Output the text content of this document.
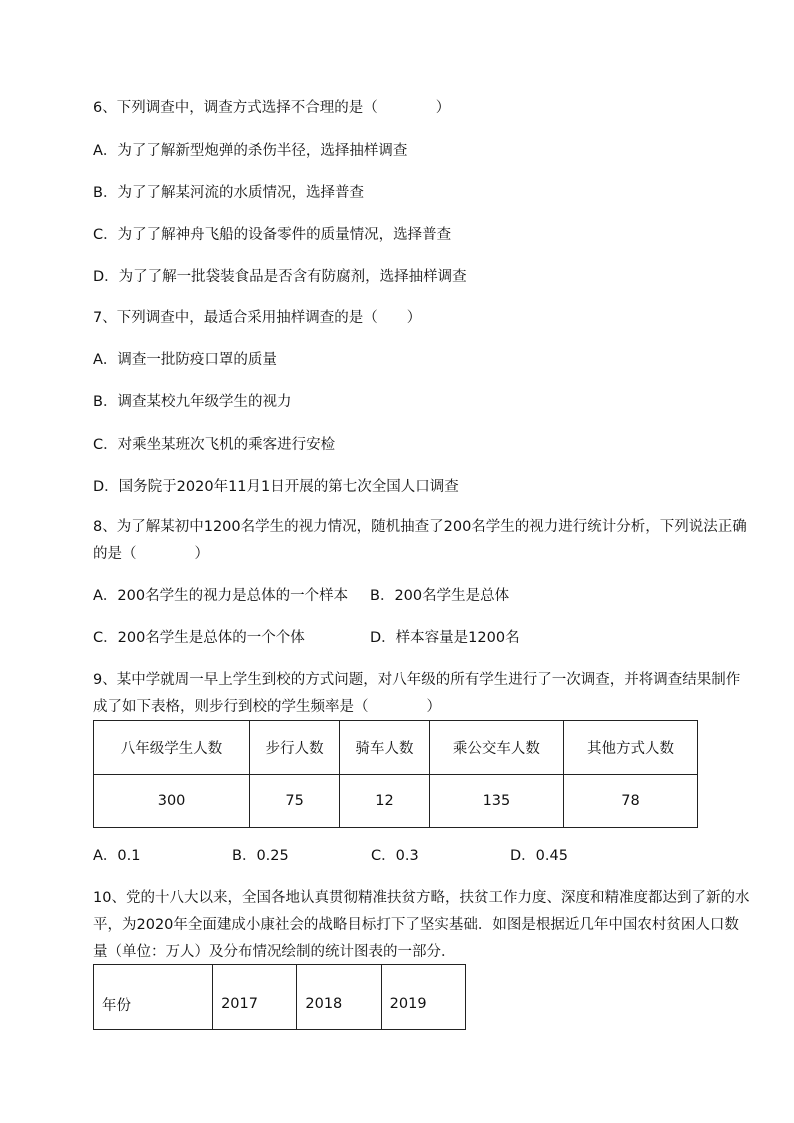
6、下列调查中，调查方式选择不合理的是（　　　　）
A．为了了解新型炮弹的杀伤半径，选择抽样调查
B．为了了解某河流的水质情况，选择普查
C．为了了解神舟飞船的设备零件的质量情况，选择普查
D．为了了解一批袋装食品是否含有防腐剂，选择抽样调查
7、下列调查中，最适合采用抽样调查的是（　　）
A．调查一批防疫口罩的质量
B．调查某校九年级学生的视力
C．对乘坐某班次飞机的乘客进行安检
D．国务院于2020年11月1日开展的第七次全国人口调查
8、为了解某初中1200名学生的视力情况，随机抽查了200名学生的视力进行统计分析，下列说法正确的是（　　　　）
A．200名学生的视力是总体的一个样本 B．200名学生是总体
C．200名学生是总体的一个个体	D．样本容量是1200名
9、某中学就周一早上学生到校的方式问题，对八年级的所有学生进行了一次调查，并将调查结果制作成了如下表格，则步行到校的学生频率是（　　　　）
八年级学生人数	步行人数	骑车人数	乘公交车人数	其他方式人数
300	75	12	135	78
A．0.1	B．0.25	C．0.3	D．0.45
10、党的十八大以来，全国各地认真贯彻精准扶贫方略，扶贫工作力度、深度和精准度都达到了新的水平，为2020年全面建成小康社会的战略目标打下了坚实基础．如图是根据近几年中国农村贫困人口数量（单位：万人）及分布情况绘制的统计图表的一部分．
年份	2017	2018	2019
